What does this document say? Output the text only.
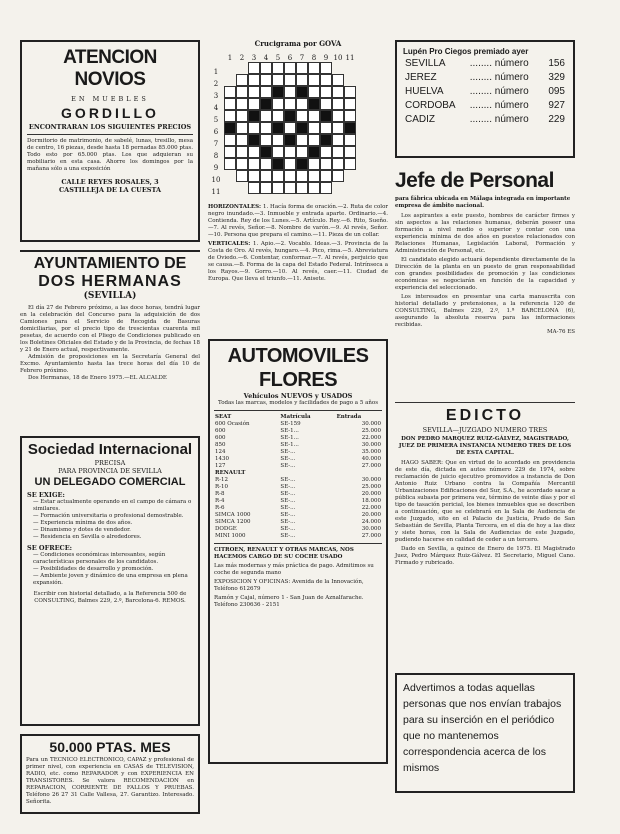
ATENCION NOVIOS
EN MUEBLES
GORDILLO
ENCONTRARAN LOS SIGUIENTES PRECIOS
Dormitorio de matrimonio, de sabelé, lunas, tresillo, mesa de centro, 16 piezas, desde hasta 18 pernadas 85.000 ptas. Todo esto por 65.000 ptas. Los que adquieran su mobiliario en esta casa. Ahorre los domingos por la mañana sólo a una exposición
CALLE REYES ROSALES, 3
CASTILLEJA DE LA CUESTA
AYUNTAMIENTO DE
DOS HERMANAS
(SEVILLA)
El día 27 de Febrero próximo, a las doce horas, tendrá lugar en la celebración del Concurso para la adquisición de dos Camiones para el Servicio de Recogida de Basuras domiciliarias, por el precio tipo de trescientas cuarenta mil pesetas, de acuerdo con el Pliego de Condiciones publicado en los Boletines Oficiales del Estado y de la Provincia, de fechas 18 y 21 de Enero actual, respectivamente.
Admisión de proposiciones en la Secretaría General del Excmo. Ayuntamiento hasta las trece horas del día 10 de Febrero próximo.
Dos Hermanas, 18 de Enero 1975.—EL ALCALDE
Sociedad Internacional
PRECISA
PARA PROVINCIA DE SEVILLA
UN DELEGADO COMERCIAL
SE EXIGE:
— Estar actualmente operando en el campo de cámara o similares.
— Formación universitaria o profesional demostrable.
— Experiencia mínima de dos años.
— Dinamismo y dotes de vendedor.
— Residencia en Sevilla o alrededores.
SE OFRECE:
— Condiciones económicas interesantes, según características personales de los candidatos.
— Posibilidades de desarrollo y promoción.
— Ambiente joven y dinámico de una empresa en plena expansión.
Escribir con historial detallado, a la Referencia 500 de CONSULTING, Balmes 229, 2.º, Barcelona-6. REMOS.
50.000 PTAS. MES
Para un TECNICO ELECTRONICO, CAPAZ y profesional de primer nivel, con experiencia en CASAS de TELEVISION, RADIO, etc. como REPARADOR y con EXPERIENCIA EN TRANSISTORES. Se valora RECOMENDACION en REPARACION, CORRIENTE DE FALLOS Y PRUEBAS. Teléfono 26 27 31 Calle Vallesa, 27. Garantizo. Interesado. Señorita.
Crucigrama por GOVA
1
2
3
4
5
6
7
8
9
10
11
1	2	3	4	5	6	7	8	9 10 11
HORIZONTALES: 1. Hacía forma de oración.—2. Ruta de color negro inundado.—3. Inmueble y entrada aparte. Ordinario.—4. Contienda. Rey de los Lunes.—5. Artículo. Rey.—6. Rito, Sueño.—7. Al revés, Señor.—8. Nombre de varón.—9. Al revés, Señor.—10. Persona que prepara el camino.—11. Pieza de un collar.
VERTICALES: 1. Apio.—2. Vocablo. Ideas.—3. Provincia de la Costa de Oro. Al revés, hungaro.—4. Pico, rima.—5. Abreviatura de Oviedo.—6. Contentar, conformar.—7. Al revés, perjuicio que se causa.—8. Forma de la capa del Estado Federal. Intrínseca a los Rayos.—9. Gorro.—10. Al revés, caer.—11. Ciudad de Europa. Que lleva el triunfo.—11. Anisete.
AUTOMOVILES FLORES
Vehículos NUEVOS y USADOS
Todas las marcas, modelos y facilidades de pago a 5 años
SEAT	Matrícula	Entrada
600 Ocasión	SE-159	30.000
600	SE-1...	25.000
600	SE-1...	22.000
850	SE-1...	30.000
124	SE-...	35.000
1430	SE-...	40.000
127	SE-...	27.000
RENAULT		
R-12	SE-...	30.000
R-10	SE-...	25.000
R-8	SE-...	20.000
R-4	SE-...	18.000
R-6	SE-...	22.000
SIMCA 1000	SE-...	20.000
SIMCA 1200	SE-...	24.000
DODGE	SE-...	30.000
MINI 1000	SE-...	27.000
CITROEN, RENAULT Y OTRAS MARCAS, NOS HACEMOS CARGO DE SU COCHE USADO
Las más modernas y más práctica de pago. Admitimos su coche de segunda mano
EXPOSICION Y OFICINAS: Avenida de la Innovación, Teléfono 612679
Ramón y Cajal, número 1 - San Juan de Aznalfarache. Teléfono 230636 - 2151
Lupén Pro Ciegos premiado ayer
SEVILLA	........ número	156
JEREZ	........ número	329
HUELVA	........ número	095
CORDOBA	........ número	927
CADIZ	........ número	229
Jefe de Personal
para fábrica ubicada en Málaga integrada en importante empresa de ámbito nacional.
Los aspirantes a este puesto, hombres de carácter firmes y sin aspectos a las relaciones humanas, deberán poseer una formación a nivel medio o superior y contar con una experiencia mínima de dos años en puestos relacionados con Relaciones Humanas, Legislación Laboral, Formación y Administración de Personal, etc.
El candidato elegido actuará dependiente directamente de la Dirección de la planta en un puesto de gran responsabilidad con grandes posibilidades de promoción y las condiciones económicas se negociarán en función de la capacidad y experiencia del seleccionado.
Los interesados en presentar una carta manuscrita con historial detallado y pretensiones, a la referencia 120 de CONSULTING, Balmes 229, 2.º, 1.ª BARCELONA (6), asegurando la absoluta reserva para las informaciones recibidas.
MA-76 ES
EDICTO
SEVILLA—JUZGADO NUMERO TRES
DON PEDRO MARQUEZ RUIZ-GÁLVEZ, MAGISTRADO, JUEZ DE PRIMERA INSTANCIA NUMERO TRES DE LOS DE ESTA CAPITAL.
HAGO SABER: Que en virtud de lo acordado en providencia de este día, dictada en autos número 229 de 1974, sobre reclamación de juicio ejecutivo promovidos a instancia de Don Antonio Ruiz Urbano contra la Compañía Mercantil Urbanizaciones Edificaciones del Sur, S.A., he acordado sacar a pública subasta por primera vez, término de veinte días y por el tipo de tasación pericial, los bienes inmuebles que se describen a continuación, que se celebrará en la Sala de Audiencia de este Juzgado, sito en el Palacio de Justicia, Prado de San Sebastián de Sevilla, Planta Tercera, en el día de hoy a las diez y siete horas, con la Sala de Audiencias de este Juzgado, pudiendo hacerse en calidad de ceder a un tercero.
Dado en Sevilla, a quince de Enero de 1975. El Magistrado Juez, Pedro Márquez Ruiz-Gálvez. El Secretario, Miguel Cano. Firmado y rubricado.
Advertimos a todas aquellas personas que nos envían trabajos para su inserción en el periódico que no mantenemos correspondencia acerca de los mismos
